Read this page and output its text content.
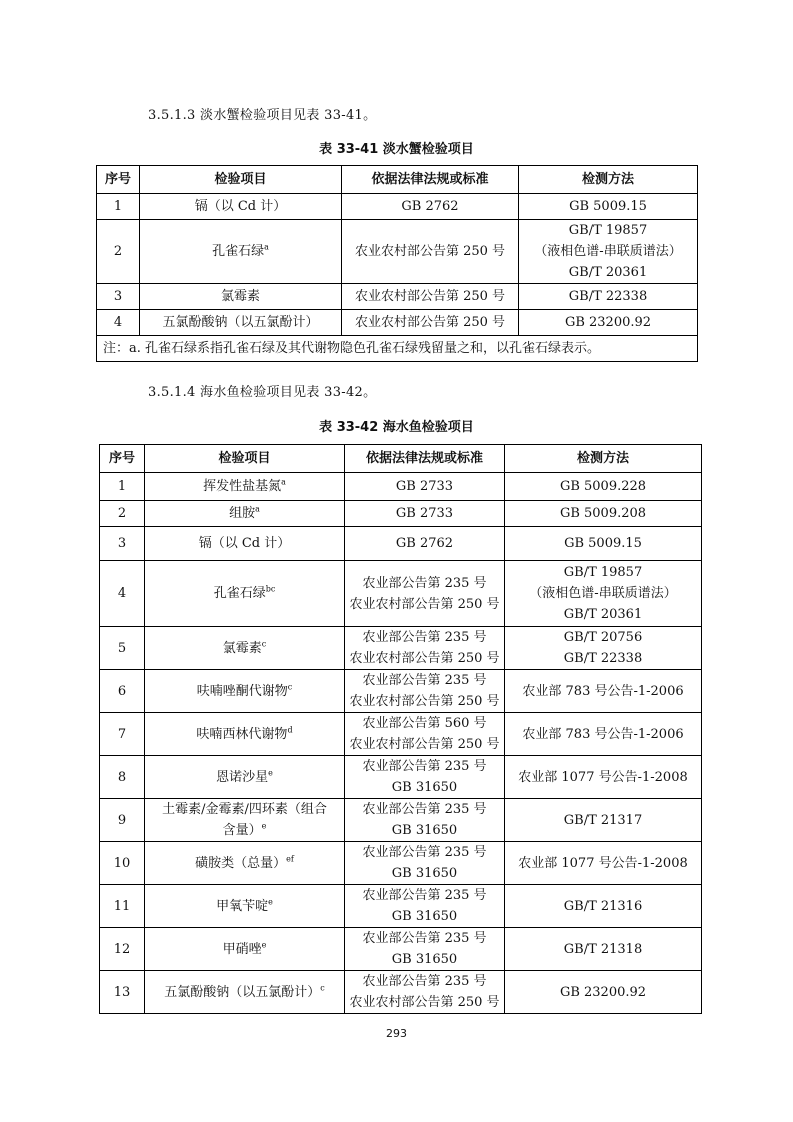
3.5.1.3 淡水蟹检验项目见表 33-41。
表 33-41 淡水蟹检验项目
序号	检验项目	依据法律法规或标准	检测方法
1	镉（以 Cd 计）	GB 2762	GB 5009.15

2	孔雀石绿$^a$	农业农村部公告第 250 号	GB/T 19857
（液相色谱-串联质谱法）
GB/T 20361

3	氯霉素	农业农村部公告第 250 号	GB/T 22338

4	五氯酚酸钠（以五氯酚计）	农业农村部公告第 250 号	GB 23200.92

注：a. 孔雀石绿系指孔雀石绿及其代谢物隐色孔雀石绿残留量之和，以孔雀石绿表示。			
3.5.1.4 海水鱼检验项目见表 33-42。
表 33-42 海水鱼检验项目
序号	检验项目	依据法律法规或标准	检测方法
1	挥发性盐基氮$^a$	GB 2733	GB 5009.228

2	组胺$^a$	GB 2733	GB 5009.208

3	镉（以 Cd 计）	GB 2762	GB 5009.15

4	孔雀石绿$^{bc}$	农业部公告第 235 号
农业农村部公告第 250 号	GB/T 19857
（液相色谱-串联质谱法）
GB/T 20361

5	氯霉素$^c$	农业部公告第 235 号
农业农村部公告第 250 号	GB/T 20756
GB/T 22338

6	呋喃唑酮代谢物$^c$	农业部公告第 235 号
农业农村部公告第 250 号	农业部 783 号公告-1-2006

7	呋喃西林代谢物$^d$	农业部公告第 560 号
农业农村部公告第 250 号	农业部 783 号公告-1-2006

8	恩诺沙星$^e$	农业部公告第 235 号
GB 31650	农业部 1077 号公告-1-2008

9	土霉素/金霉素/四环素（组合
含量）$^e$	农业部公告第 235 号
GB 31650	GB/T 21317

10	磺胺类（总量）$^{ef}$	农业部公告第 235 号
GB 31650	农业部 1077 号公告-1-2008

11	甲氧苄啶$^e$	农业部公告第 235 号
GB 31650	GB/T 21316

12	甲硝唑$^e$	农业部公告第 235 号
GB 31650	GB/T 21318

13	五氯酚酸钠（以五氯酚计）$^c$	农业部公告第 235 号
农业农村部公告第 250 号	GB 23200.92
293
